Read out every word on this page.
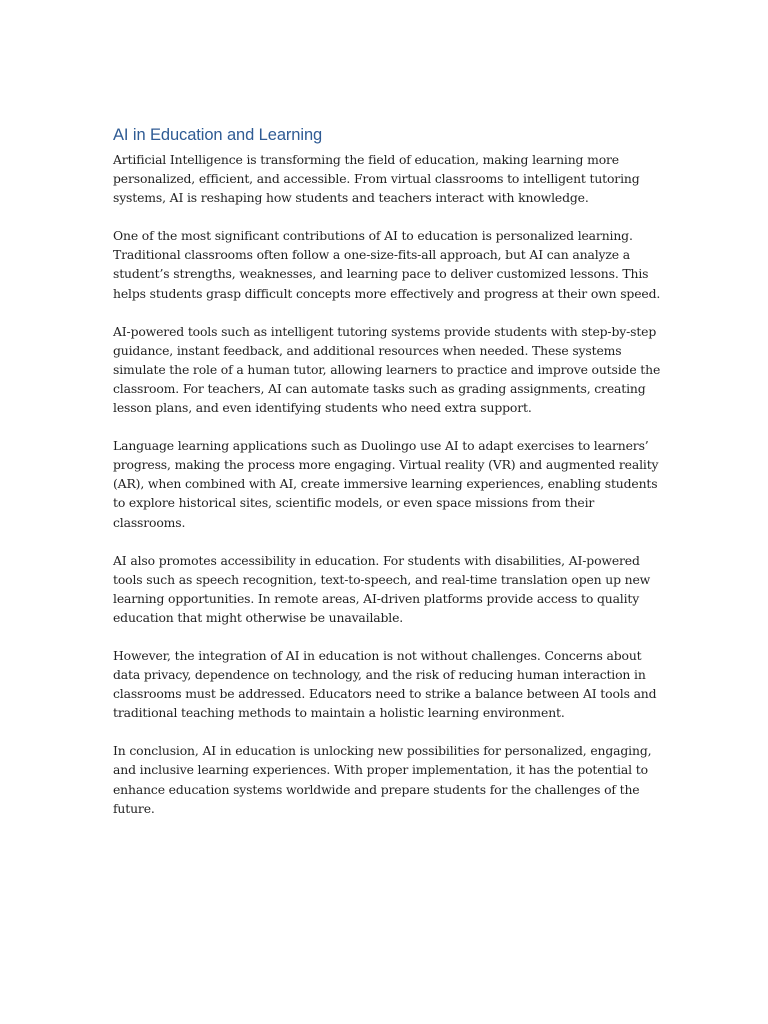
AI in Education and Learning

Artificial Intelligence is transforming the field of education, making learning more personalized, efficient, and accessible. From virtual classrooms to intelligent tutoring systems, AI is reshaping how students and teachers interact with knowledge.

One of the most significant contributions of AI to education is personalized learning. Traditional classrooms often follow a one-size-fits-all approach, but AI can analyze a student’s strengths, weaknesses, and learning pace to deliver customized lessons. This helps students grasp difficult concepts more effectively and progress at their own speed.

AI-powered tools such as intelligent tutoring systems provide students with step-by-step guidance, instant feedback, and additional resources when needed. These systems simulate the role of a human tutor, allowing learners to practice and improve outside the classroom. For teachers, AI can automate tasks such as grading assignments, creating lesson plans, and even identifying students who need extra support.

Language learning applications such as Duolingo use AI to adapt exercises to learners’ progress, making the process more engaging. Virtual reality (VR) and augmented reality (AR), when combined with AI, create immersive learning experiences, enabling students to explore historical sites, scientific models, or even space missions from their classrooms.

AI also promotes accessibility in education. For students with disabilities, AI-powered tools such as speech recognition, text-to-speech, and real-time translation open up new learning opportunities. In remote areas, AI-driven platforms provide access to quality education that might otherwise be unavailable.

However, the integration of AI in education is not without challenges. Concerns about data privacy, dependence on technology, and the risk of reducing human interaction in classrooms must be addressed. Educators need to strike a balance between AI tools and traditional teaching methods to maintain a holistic learning environment.

In conclusion, AI in education is unlocking new possibilities for personalized, engaging, and inclusive learning experiences. With proper implementation, it has the potential to enhance education systems worldwide and prepare students for the challenges of the future.
